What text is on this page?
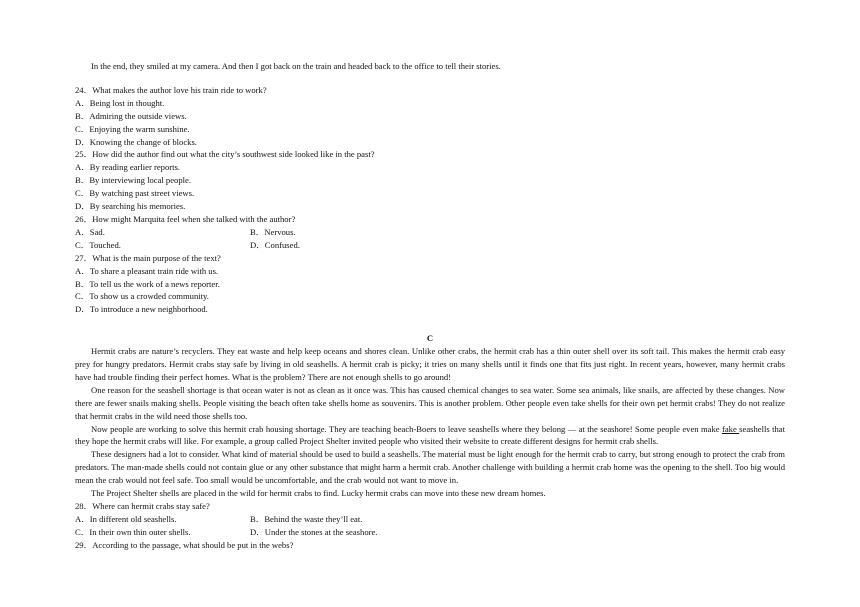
In the end, they smiled at my camera. And then I got back on the train and headed back to the office to tell their stories.

24．What makes the author love his train ride to work?

A．Being lost in thought.

B．Admiring the outside views.

C．Enjoying the warm sunshine.

D．Knowing the change of blocks.

25．How did the author find out what the city’s southwest side looked like in the past?

A．By reading earlier reports.

B．By interviewing local people.

C．By watching past street views.

D．By searching his memories.

26．How might Marquita feel when she talked with the author?

A．Sad.	B．Nervous.
C．Touched.	D．Confused.

27．What is the main purpose of the text?

A．To share a pleasant train ride with us.

B．To tell us the work of a news reporter.

C．To show us a crowded community.

D．To introduce a new neighborhood.

C

Hermit crabs are nature’s recyclers. They eat waste and help keep oceans and shores clean. Unlike other crabs, the hermit crab has a thin outer shell over its soft tail. This makes the hermit crab easy prey for hungry predators. Hermit crabs stay safe by living in old seashells. A hermit crab is picky; it tries on many shells until it finds one that fits just right. In recent years, however, many hermit crabs have had trouble finding their perfect homes. What is the problem? There are not enough shells to go around!

One reason for the seashell shortage is that ocean water is not as clean as it once was. This has caused chemical changes to sea water. Some sea animals, like snails, are affected by these changes. Now there are fewer snails making shells. People visiting the beach often take shells home as souvenirs. This is another problem. Other people even take shells for their own pet hermit crabs! They do not realize that hermit crabs in the wild need those shells too.

Now people are working to solve this hermit crab housing shortage. They are teaching beach-Boers to leave seashells where they belong — at the seashore! Some people even make fake seashells that they hope the hermit crabs will like. For example, a group called Project Shelter invited people who visited their website to create different designs for hermit crab shells.

These designers had a lot to consider. What kind of material should be used to build a seashells. The material must be light enough for the hermit crab to carry, but strong enough to protect the crab from predators. The man-made shells could not contain glue or any other substance that might harm a hermit crab. Another challenge with building a hermit crab home was the opening to the shell. Too big would mean the crab would not feel safe. Too small would be uncomfortable, and the crab would not want to move in.

The Project Shelter shells are placed in the wild for hermit crabs to find. Lucky hermit crabs can move into these new dream homes.

28．Where can hermit crabs stay safe?

A．In different old seashells.	B．Behind the waste they’ll eat.
C．In their own thin outer shells.	D．Under the stones at the seashore.

29．According to the passage, what should be put in the webs?
